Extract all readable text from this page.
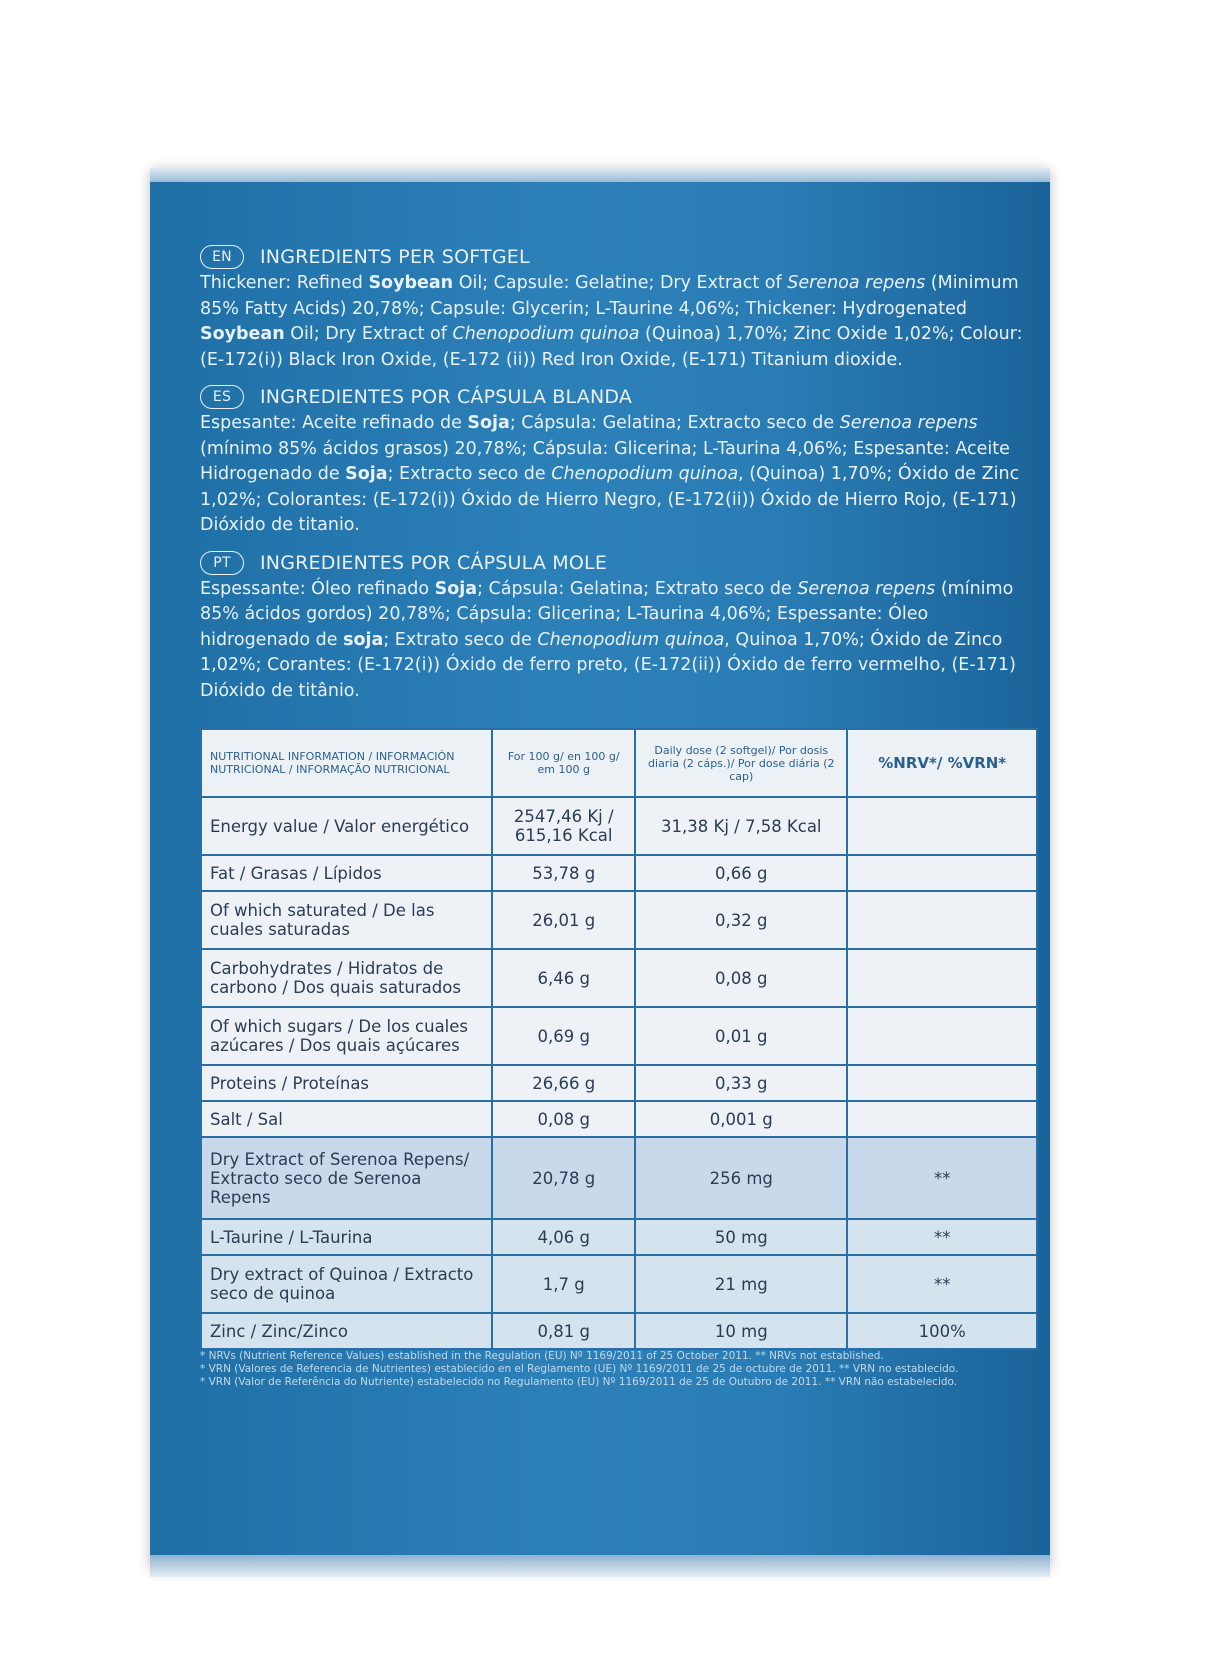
EN	INGREDIENTS PER SOFTGEL
Thickener: Refined Soybean Oil; Capsule: Gelatine; Dry Extract of Serenoa repens (Minimum 85% Fatty Acids) 20,78%; Capsule: Glycerin; L-Taurine 4,06%; Thickener: Hydrogenated Soybean Oil; Dry Extract of Chenopodium quinoa (Quinoa) 1,70%; Zinc Oxide 1,02%; Colour: (E-172(i)) Black Iron Oxide, (E-172 (ii)) Red Iron Oxide, (E-171) Titanium dioxide.
ES	INGREDIENTES POR CÁPSULA BLANDA
Espesante: Aceite refinado de Soja; Cápsula: Gelatina; Extracto seco de Serenoa repens (mínimo 85% ácidos grasos) 20,78%; Cápsula: Glicerina; L-Taurina 4,06%; Espesante: Aceite Hidrogenado de Soja; Extracto seco de Chenopodium quinoa, (Quinoa) 1,70%; Óxido de Zinc 1,02%; Colorantes: (E-172(i)) Óxido de Hierro Negro, (E-172(ii)) Óxido de Hierro Rojo, (E-171) Dióxido de titanio.
PT	INGREDIENTES POR CÁPSULA MOLE
Espessante: Óleo refinado Soja; Cápsula: Gelatina; Extrato seco de Serenoa repens (mínimo 85% ácidos gordos) 20,78%; Cápsula: Glicerina; L-Taurina 4,06%; Espessante: Óleo hidrogenado de soja; Extrato seco de Chenopodium quinoa, Quinoa 1,70%; Óxido de Zinco 1,02%; Corantes: (E-172(i)) Óxido de ferro preto, (E-172(ii)) Óxido de ferro vermelho, (E-171) Dióxido de titânio.
NUTRITIONAL INFORMATION / INFORMACIÓN NUTRICIONAL / INFORMAÇÃO NUTRICIONAL	For 100 g/ en 100 g/ em 100 g	Daily dose (2 softgel)/ Por dosis diaria (2 cáps.)/ Por dose diária (2 cap)	%NRV*/ %VRN*
Energy value / Valor energético	2547,46 Kj / 615,16 Kcal	31,38 Kj / 7,58 Kcal	
Fat / Grasas / Lípidos	53,78 g	0,66 g	
Of which saturated / De las cuales saturadas	26,01 g	0,32 g	
Carbohydrates / Hidratos de carbono / Dos quais saturados	6,46 g	0,08 g	
Of which sugars / De los cuales azúcares / Dos quais açúcares	0,69 g	0,01 g	
Proteins / Proteínas	26,66 g	0,33 g	
Salt / Sal	0,08 g	0,001 g	
Dry Extract of Serenoa Repens/ Extracto seco de Serenoa Repens	20,78 g	256 mg	**
L-Taurine / L-Taurina	4,06 g	50 mg	**
Dry extract of Quinoa / Extracto seco de quinoa	1,7 g	21 mg	**
Zinc / Zinc/Zinco	0,81 g	10 mg	100%
* NRVs (Nutrient Reference Values) established in the Regulation (EU) Nº 1169/2011 of 25 October 2011. ** NRVs not established.
* VRN (Valores de Referencia de Nutrientes) establecido en el Reglamento (UE) Nº 1169/2011 de 25 de octubre de 2011. ** VRN no establecido.
* VRN (Valor de Referência do Nutriente) estabelecido no Regulamento (EU) Nº 1169/2011 de 25 de Outubro de 2011. ** VRN não estabelecido.
